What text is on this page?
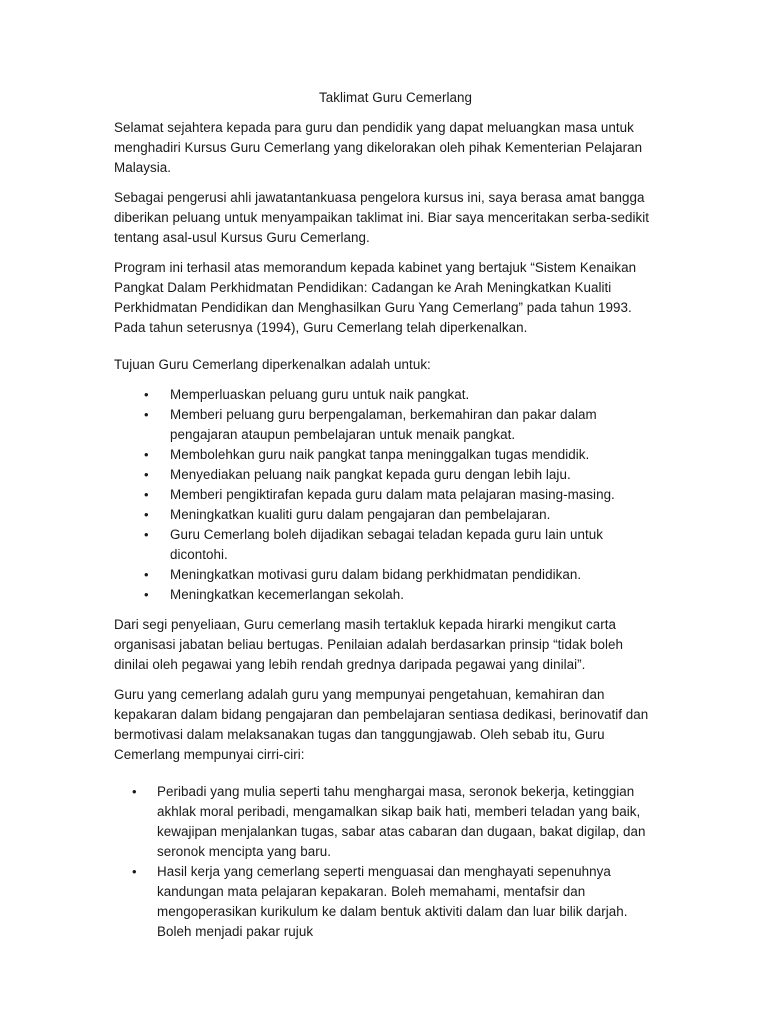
Taklimat Guru Cemerlang

Selamat sejahtera kepada para guru dan pendidik yang dapat meluangkan masa untuk menghadiri Kursus Guru Cemerlang yang dikelorakan oleh pihak Kementerian Pelajaran Malaysia.

Sebagai pengerusi ahli jawatantankuasa pengelora kursus ini, saya berasa amat bangga diberikan peluang untuk menyampaikan taklimat ini. Biar saya menceritakan serba-sedikit tentang asal-usul Kursus Guru Cemerlang.

Program ini terhasil atas memorandum kepada kabinet yang bertajuk “Sistem Kenaikan Pangkat Dalam Perkhidmatan Pendidikan: Cadangan ke Arah Meningkatkan Kualiti Perkhidmatan Pendidikan dan Menghasilkan Guru Yang Cemerlang” pada tahun 1993. Pada tahun seterusnya (1994), Guru Cemerlang telah diperkenalkan.

Tujuan Guru Cemerlang diperkenalkan adalah untuk:

• Memperluaskan peluang guru untuk naik pangkat.
• Memberi peluang guru berpengalaman, berkemahiran dan pakar dalam pengajaran ataupun pembelajaran untuk menaik pangkat.
• Membolehkan guru naik pangkat tanpa meninggalkan tugas mendidik.
• Menyediakan peluang naik pangkat kepada guru dengan lebih laju.
• Memberi pengiktirafan kepada guru dalam mata pelajaran masing-masing.
• Meningkatkan kualiti guru dalam pengajaran dan pembelajaran.
• Guru Cemerlang boleh dijadikan sebagai teladan kepada guru lain untuk dicontohi.
• Meningkatkan motivasi guru dalam bidang perkhidmatan pendidikan.
• Meningkatkan kecemerlangan sekolah.

Dari segi penyeliaan, Guru cemerlang masih tertakluk kepada hirarki mengikut carta organisasi jabatan beliau bertugas. Penilaian adalah berdasarkan prinsip “tidak boleh dinilai oleh pegawai yang lebih rendah grednya daripada pegawai yang dinilai”.

Guru yang cemerlang adalah guru yang mempunyai pengetahuan, kemahiran dan kepakaran dalam bidang pengajaran dan pembelajaran sentiasa dedikasi, berinovatif dan bermotivasi dalam melaksanakan tugas dan tanggungjawab. Oleh sebab itu, Guru Cemerlang mempunyai cirri-ciri:

• Peribadi yang mulia seperti tahu menghargai masa, seronok bekerja, ketinggian akhlak moral peribadi, mengamalkan sikap baik hati, memberi teladan yang baik, kewajipan menjalankan tugas, sabar atas cabaran dan dugaan, bakat digilap, dan seronok mencipta yang baru.
• Hasil kerja yang cemerlang seperti menguasai dan menghayati sepenuhnya kandungan mata pelajaran kepakaran. Boleh memahami, mentafsir dan mengoperasikan kurikulum ke dalam bentuk aktiviti dalam dan luar bilik darjah. Boleh menjadi pakar rujuk
